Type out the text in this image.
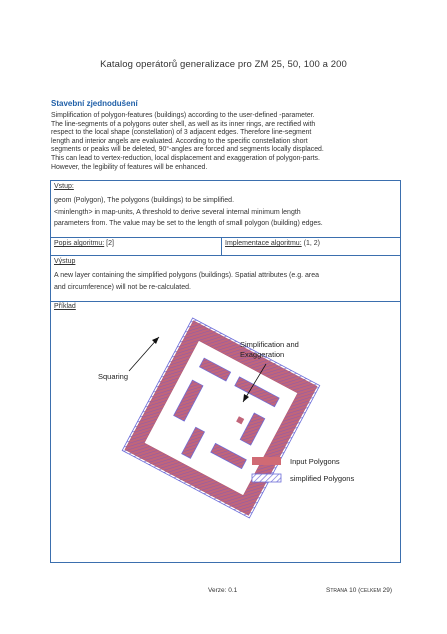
Katalog operátorů generalizace pro ZM 25, 50, 100 a 200
Stavební zjednodušení

Simplification of polygon-features (buildings) according to the user-defined -parameter.

The line-segments of a polygons outer shell, as well as its inner rings, are rectified with

respect to the local shape (constellation) of 3 adjacent edges. Therefore line-segment

length and interior angels are evaluated. According to the specific constellation short

segments or peaks will be deleted, 90°-angles are forced and segments locally displaced.

This can lead to vertex-reduction, local displacement and exaggeration of polygon-parts.

However, the legibility of features will be enhanced.

Vstup:
geom (Polygon), The polygons (buildings) to be simplified.
<minlength> in map-units, A threshold to derive several internal minimum length
parameters from. The value may be set to the length of small polygon (building) edges.
Popis algoritmu: [2]	Implementace algoritmu: (1, 2)
Výstup
A new layer containing the simplified polygons (buildings). Spatial attributes (e.g. area
and circumference) will not be re-calculated.
Příklad
Squaring
Simplification and Exaggeration
Input Polygons
simplified Polygons
Verze: 0.1	Strana 10 (celkem 29)
